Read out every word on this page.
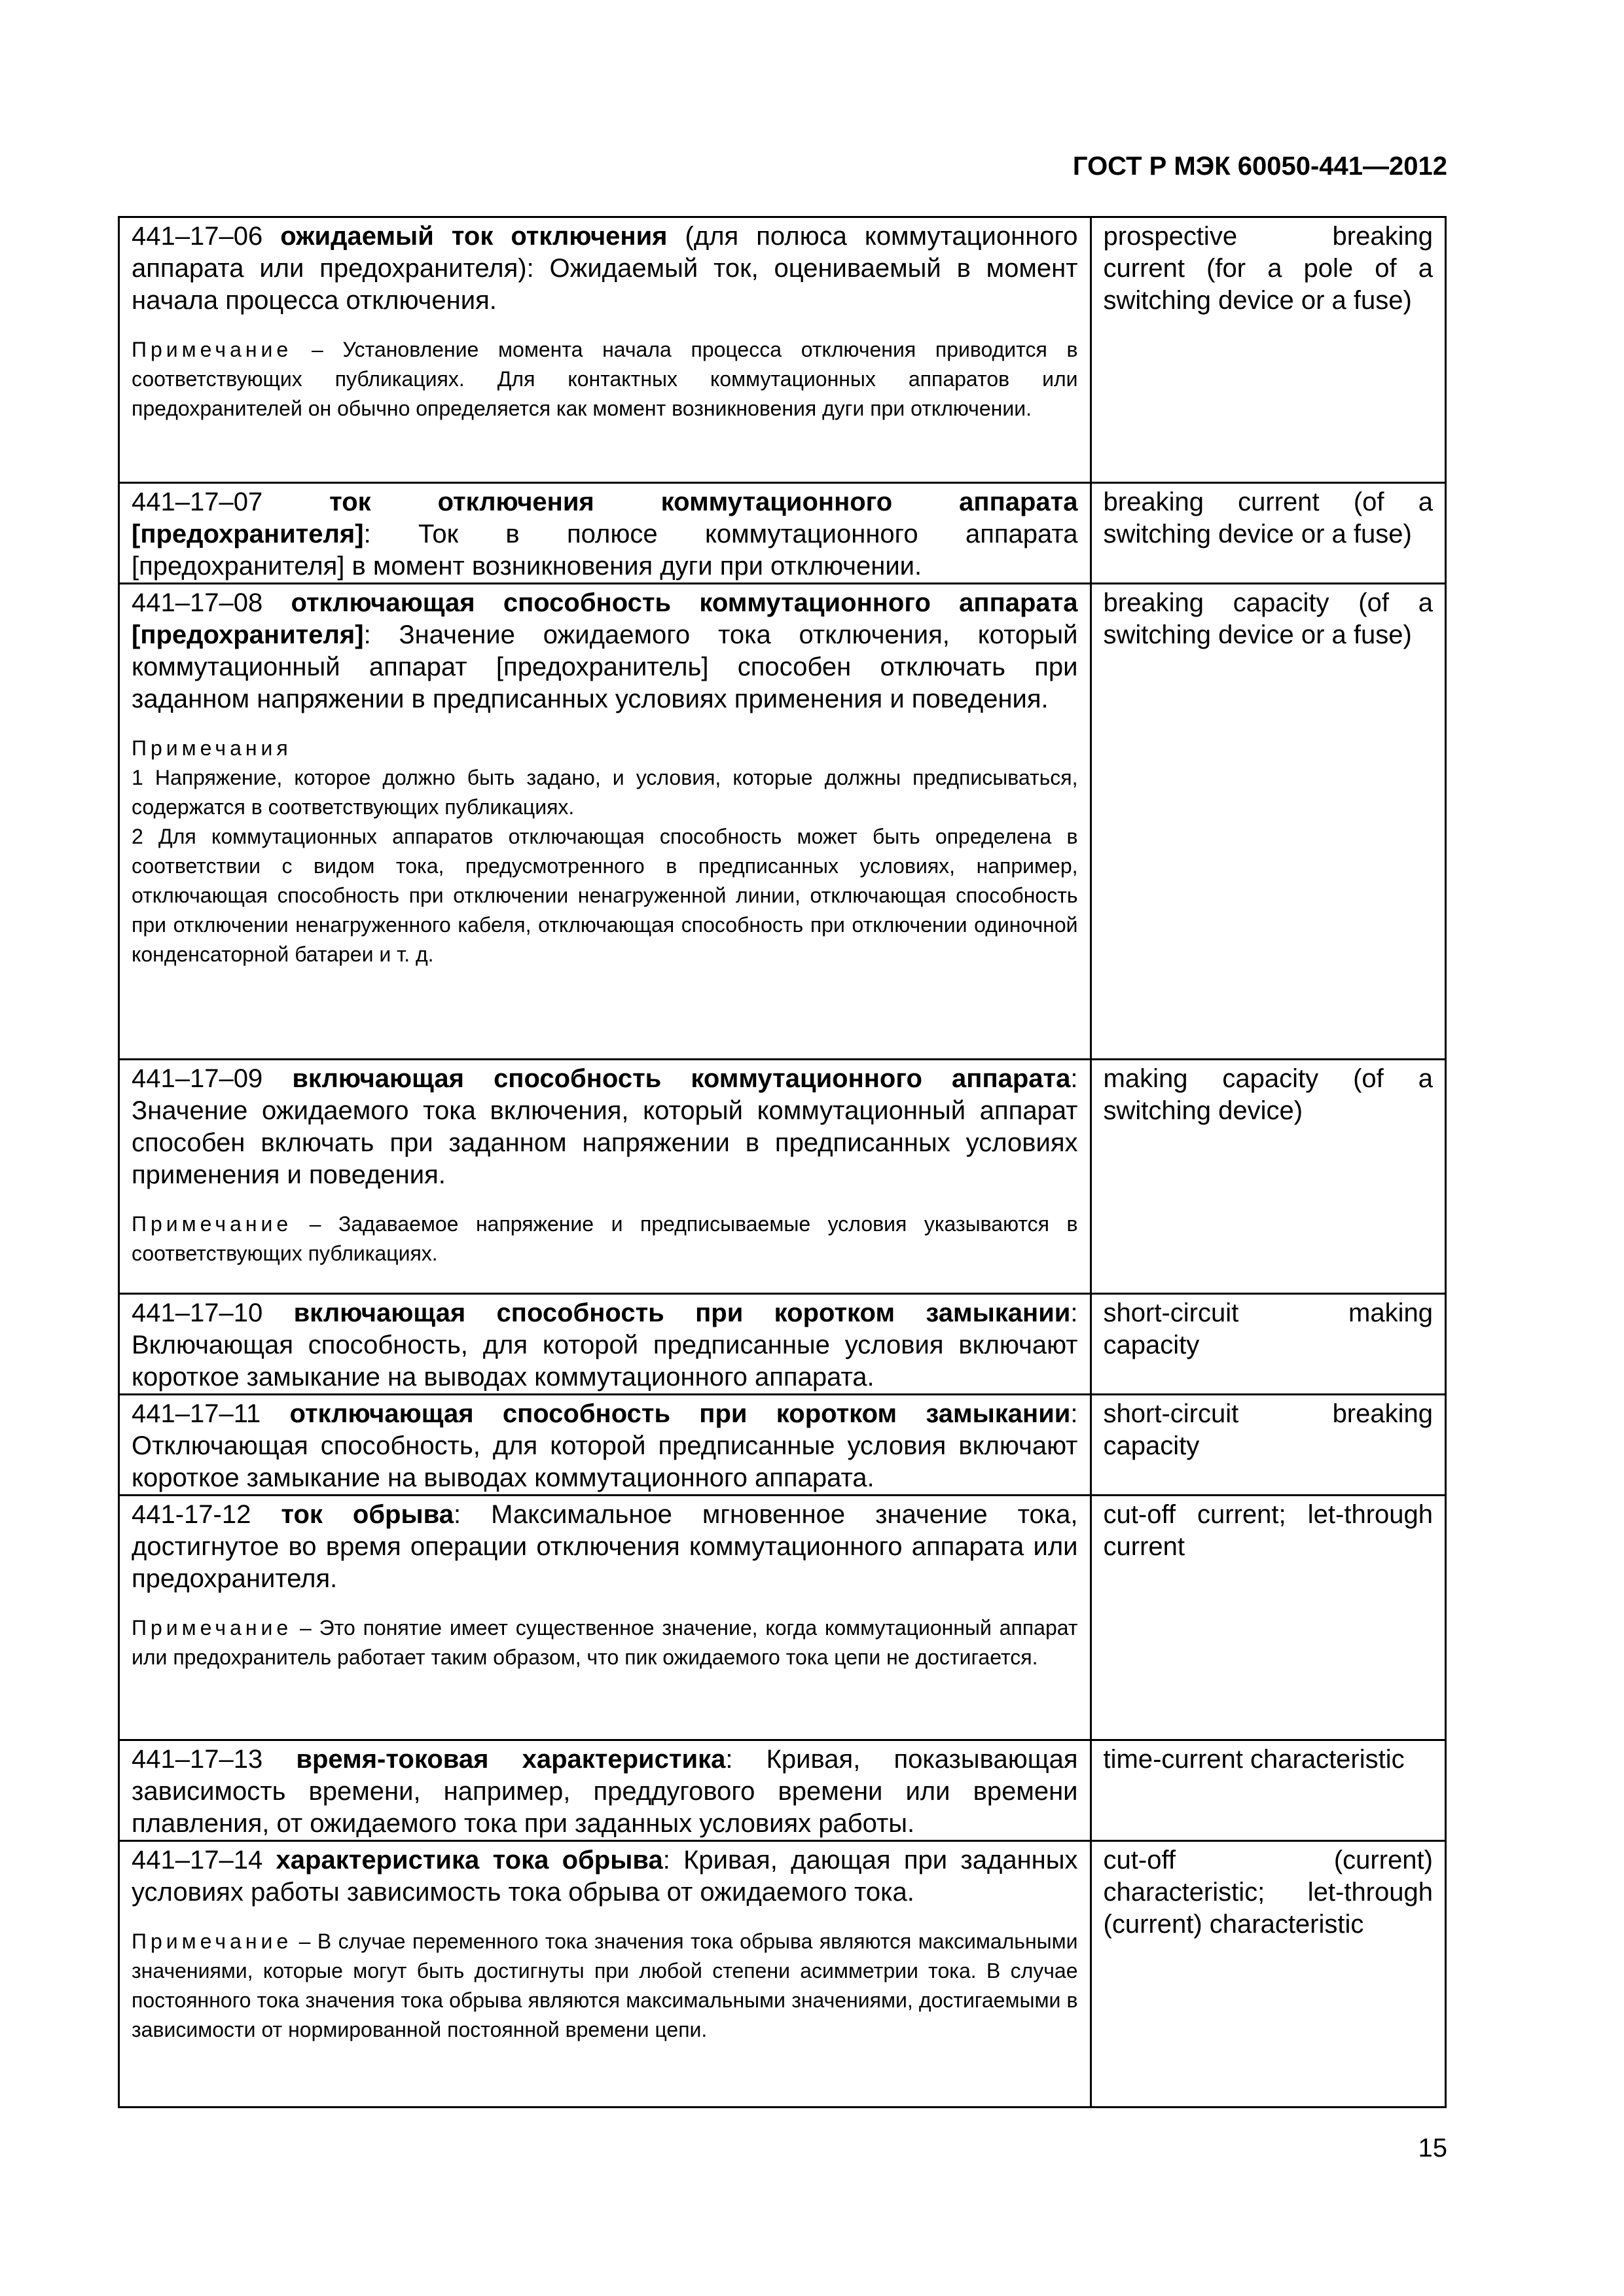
ГОСТ Р МЭК 60050-441—2012
441–17–06 ожидаемый ток отключения (для полюса коммутационного аппарата или предохранителя): Ожидаемый ток, оцениваемый в момент начала процесса отключения.
Примечание – Установление момента начала процесса отключения приводится в соответствующих публикациях. Для контактных коммутационных аппаратов или предохранителей он обычно определяется как момент возникновения дуги при отключении.	prospective breaking current (for a pole of a switching device or a fuse)

441–17–07 ток отключения коммутационного аппарата [предохранителя]: Ток в полюсе коммутационного аппарата [предохранителя] в момент возникновения дуги при отключении.	breaking current (of a switching device or a fuse)

441–17–08 отключающая способность коммутационного аппарата [предохранителя]: Значение ожидаемого тока отключения, который коммутационный аппарат [предохранитель] способен отключать при заданном напряжении в предписанных условиях применения и поведения.

Примечания

1 Напряжение, которое должно быть задано, и условия, которые должны предписываться, содержатся в соответствующих публикациях.

2 Для коммутационных аппаратов отключающая способность может быть определена в соответствии с видом тока, предусмотренного в предписанных условиях, например, отключающая способность при отключении ненагруженной линии, отключающая способность при отключении ненагруженного кабеля, отключающая способность при отключении одиночной конденсаторной батареи и т. д.	breaking capacity (of a switching device or a fuse)

441–17–09 включающая способность коммутационного аппарата: Значение ожидаемого тока включения, который коммутационный аппарат способен включать при заданном напряжении в предписанных условиях применения и поведения.
Примечание – Задаваемое напряжение и предписываемые условия указываются в соответствующих публикациях.	making capacity (of a switching device)

441–17–10 включающая способность при коротком замыкании: Включающая способность, для которой предписанные условия включают короткое замыкание на выводах коммутационного аппарата.	short-circuit making capacity

441–17–11 отключающая способность при коротком замыкании: Отключающая способность, для которой предписанные условия включают короткое замыкание на выводах коммутационного аппарата.	short-circuit breaking capacity

441-17-12 ток обрыва: Максимальное мгновенное значение тока, достигнутое во время операции отключения коммутационного аппарата или предохранителя.
Примечание – Это понятие имеет существенное значение, когда коммутационный аппарат или предохранитель работает таким образом, что пик ожидаемого тока цепи не достигается.	cut-off current; let-through current

441–17–13 время-токовая характеристика: Кривая, показывающая зависимость времени, например, преддугового времени или времени плавления, от ожидаемого тока при заданных условиях работы.	time-current characteristic

441–17–14 характеристика тока обрыва: Кривая, дающая при заданных условиях работы зависимость тока обрыва от ожидаемого тока.
Примечание – В случае переменного тока значения тока обрыва являются максимальными значениями, которые могут быть достигнуты при любой степени асимметрии тока. В случае постоянного тока значения тока обрыва являются максимальными значениями, достигаемыми в зависимости от нормированной постоянной времени цепи.	cut-off (current) characteristic; let-through (current) characteristic
15
